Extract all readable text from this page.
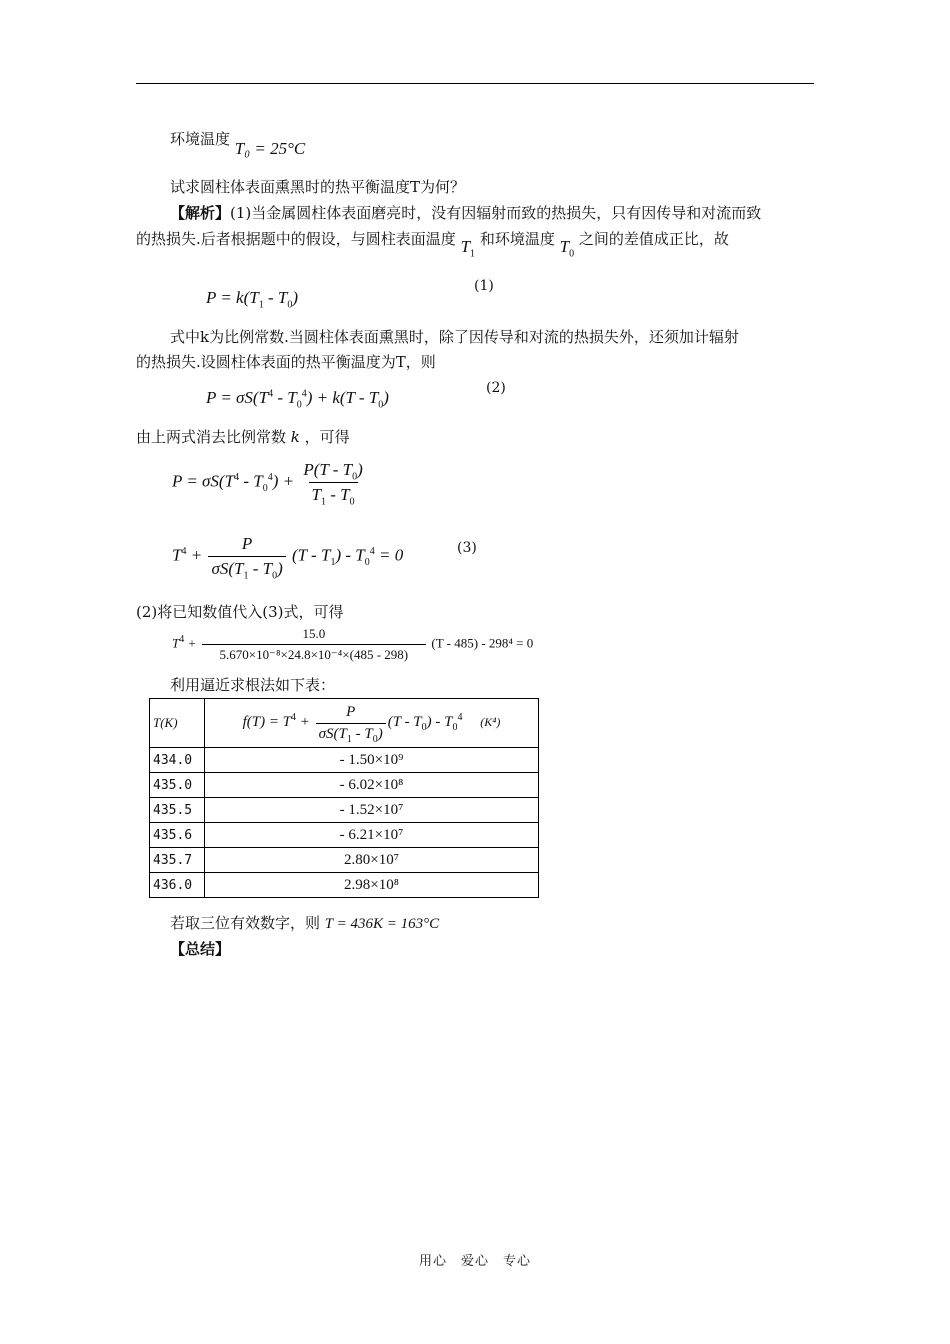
环境温度 T₀ = 25°C
试求圆柱体表面熏黑时的热平衡温度T为何？
【解析】(1)当金属圆柱体表面磨亮时，没有因辐射而致的热损失，只有因传导和对流而致
的热损失.后者根据题中的假设，与圆柱表面温度 $T_1$ 和环境温度 $T_0$ 之间的差值成正比，故
$P = k(T_1 - T_0)$
(1)
式中k为比例常数.当圆柱体表面熏黑时，除了因传导和对流的热损失外，还须加计辐射
的热损失.设圆柱体表面的热平衡温度为T，则
$P = \sigma S(T^4 - T_0^4) + k(T - T_0)$	(2)
由上两式消去比例常数 k ，可得
$P = \sigma S(T^4 - T_0^4) + \frac{P(T - T_0)}{T_1 - T_0}$
$T^4 + \frac{P}{\sigma S(T_1 - T_0)} (T - T_1) - T_0^4 = 0$	(3)
(2)将已知数值代入(3)式，可得
$T^4 + \frac{15.0}{\text{5.670×10⁻⁸×24.8×10⁻⁴×(485 - 298)}} (T - 485) - 298^4 = 0$
利用逼近求根法如下表：
T(K)	$f(T) = T^4 + \frac{P}{\sigma S(T_1 - T_0)} (T - T_0) - T_0^4$ (K⁴)
434.0	- 1.50×10⁹
435.0	- 6.02×10⁸
435.5	- 1.52×10⁷
435.6	- 6.21×10⁷
435.7	2.80×10⁷
436.0	2.98×10⁸
若取三位有效数字，则 T = 436K = 163°C
【总结】
用心　爱心　专心
